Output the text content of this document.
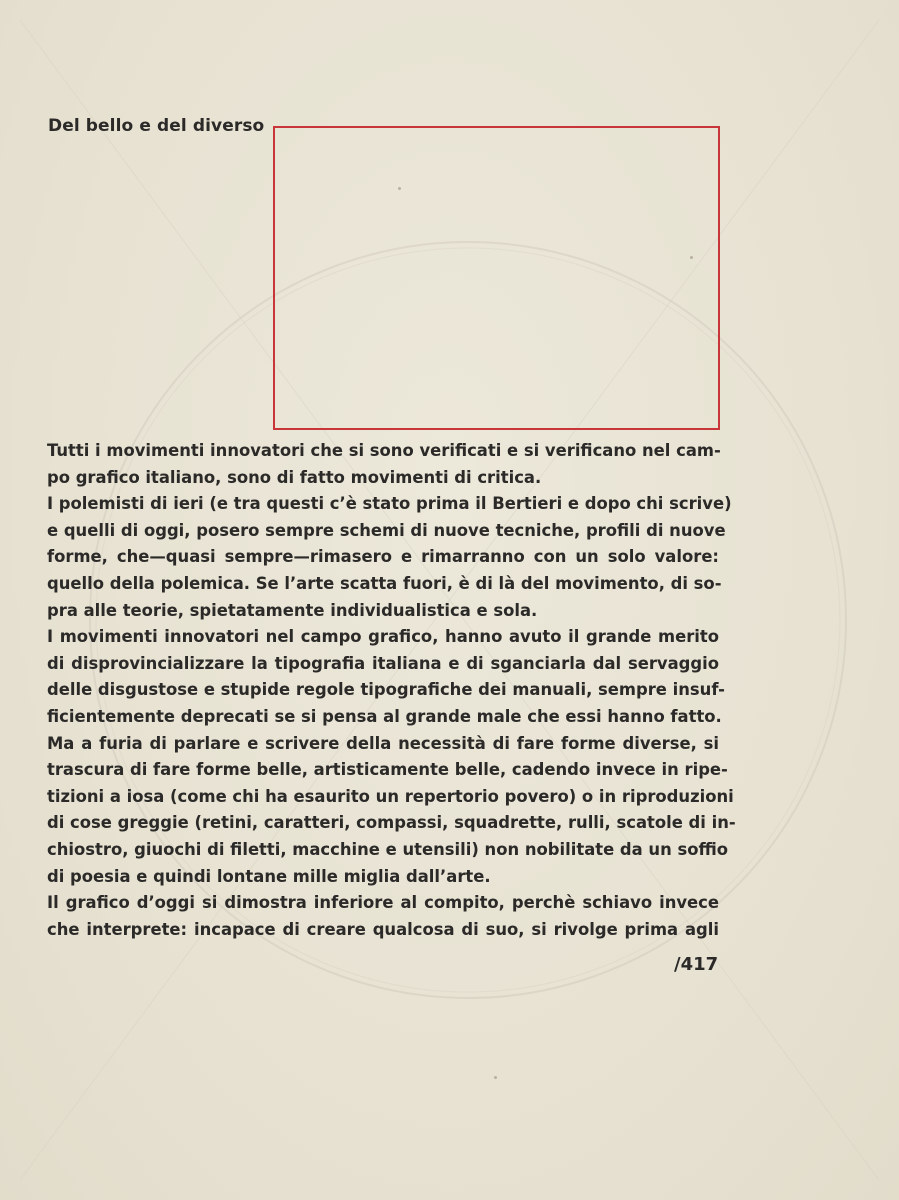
Del bello e del diverso
Tutti i movimenti innovatori che si sono verificati e si verificano nel cam-
po grafico italiano, sono di fatto movimenti di critica.
I polemisti di ieri (e tra questi c’è stato prima il Bertieri e dopo chi scrive)
e quelli di oggi, posero sempre schemi di nuove tecniche, profili di nuove
forme, che—quasi sempre—rimasero e rimarranno con un solo valore:
quello della polemica. Se l’arte scatta fuori, è di là del movimento, di so-
pra alle teorie, spietatamente individualistica e sola.
I movimenti innovatori nel campo grafico, hanno avuto il grande merito
di disprovincializzare la tipografia italiana e di sganciarla dal servaggio
delle disgustose e stupide regole tipografiche dei manuali, sempre insuf-
ficientemente deprecati se si pensa al grande male che essi hanno fatto.
Ma a furia di parlare e scrivere della necessità di fare forme diverse, si
trascura di fare forme belle, artisticamente belle, cadendo invece in ripe-
tizioni a iosa (come chi ha esaurito un repertorio povero) o in riproduzioni
di cose greggie (retini, caratteri, compassi, squadrette, rulli, scatole di in-
chiostro, giuochi di filetti, macchine e utensili) non nobilitate da un soffio
di poesia e quindi lontane mille miglia dall’arte.
Il grafico d’oggi si dimostra inferiore al compito, perchè schiavo invece
che interprete: incapace di creare qualcosa di suo, si rivolge prima agli
/417
